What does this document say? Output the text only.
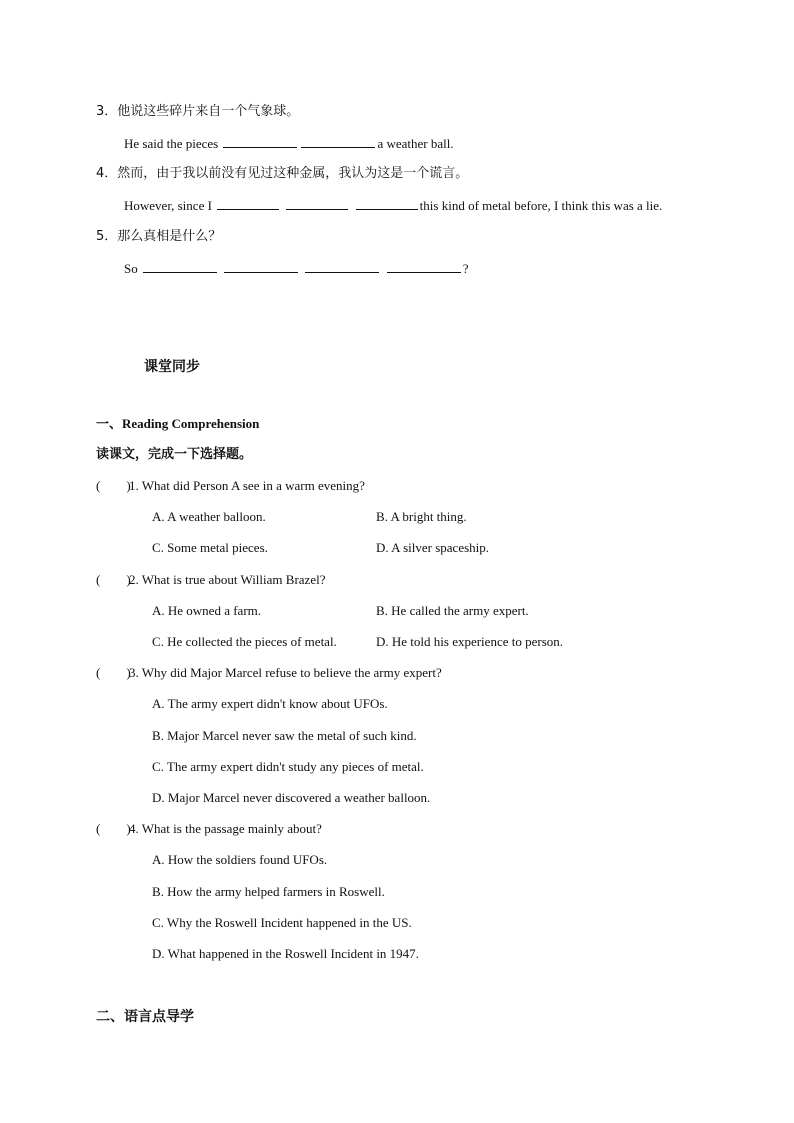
3．他说这些碎片来自一个气象球。
He said the pieces	a weather ball.
4．然而，由于我以前没有见过这种金属，我认为这是一个谎言。
However, since I	this kind of metal before, I think this was a lie.
5．那么真相是什么？
So	?
课堂同步
一、Reading Comprehension
读课文，完成一下选择题。
(        )1. What did Person A see in a warm evening?
A. A weather balloon.	B. A bright thing.
C. Some metal pieces.	D. A silver spaceship.
(        )2. What is true about William Brazel?
A. He owned a farm.	B. He called the army expert.
C. He collected the pieces of metal.	D. He told his experience to person.
(        )3. Why did Major Marcel refuse to believe the army expert?
A. The army expert didn't know about UFOs.
B. Major Marcel never saw the metal of such kind.
C. The army expert didn't study any pieces of metal.
D. Major Marcel never discovered a weather balloon.
(        )4. What is the passage mainly about?
A. How the soldiers found UFOs.
B. How the army helped farmers in Roswell.
C. Why the Roswell Incident happened in the US.
D. What happened in the Roswell Incident in 1947.
二、语言点导学
